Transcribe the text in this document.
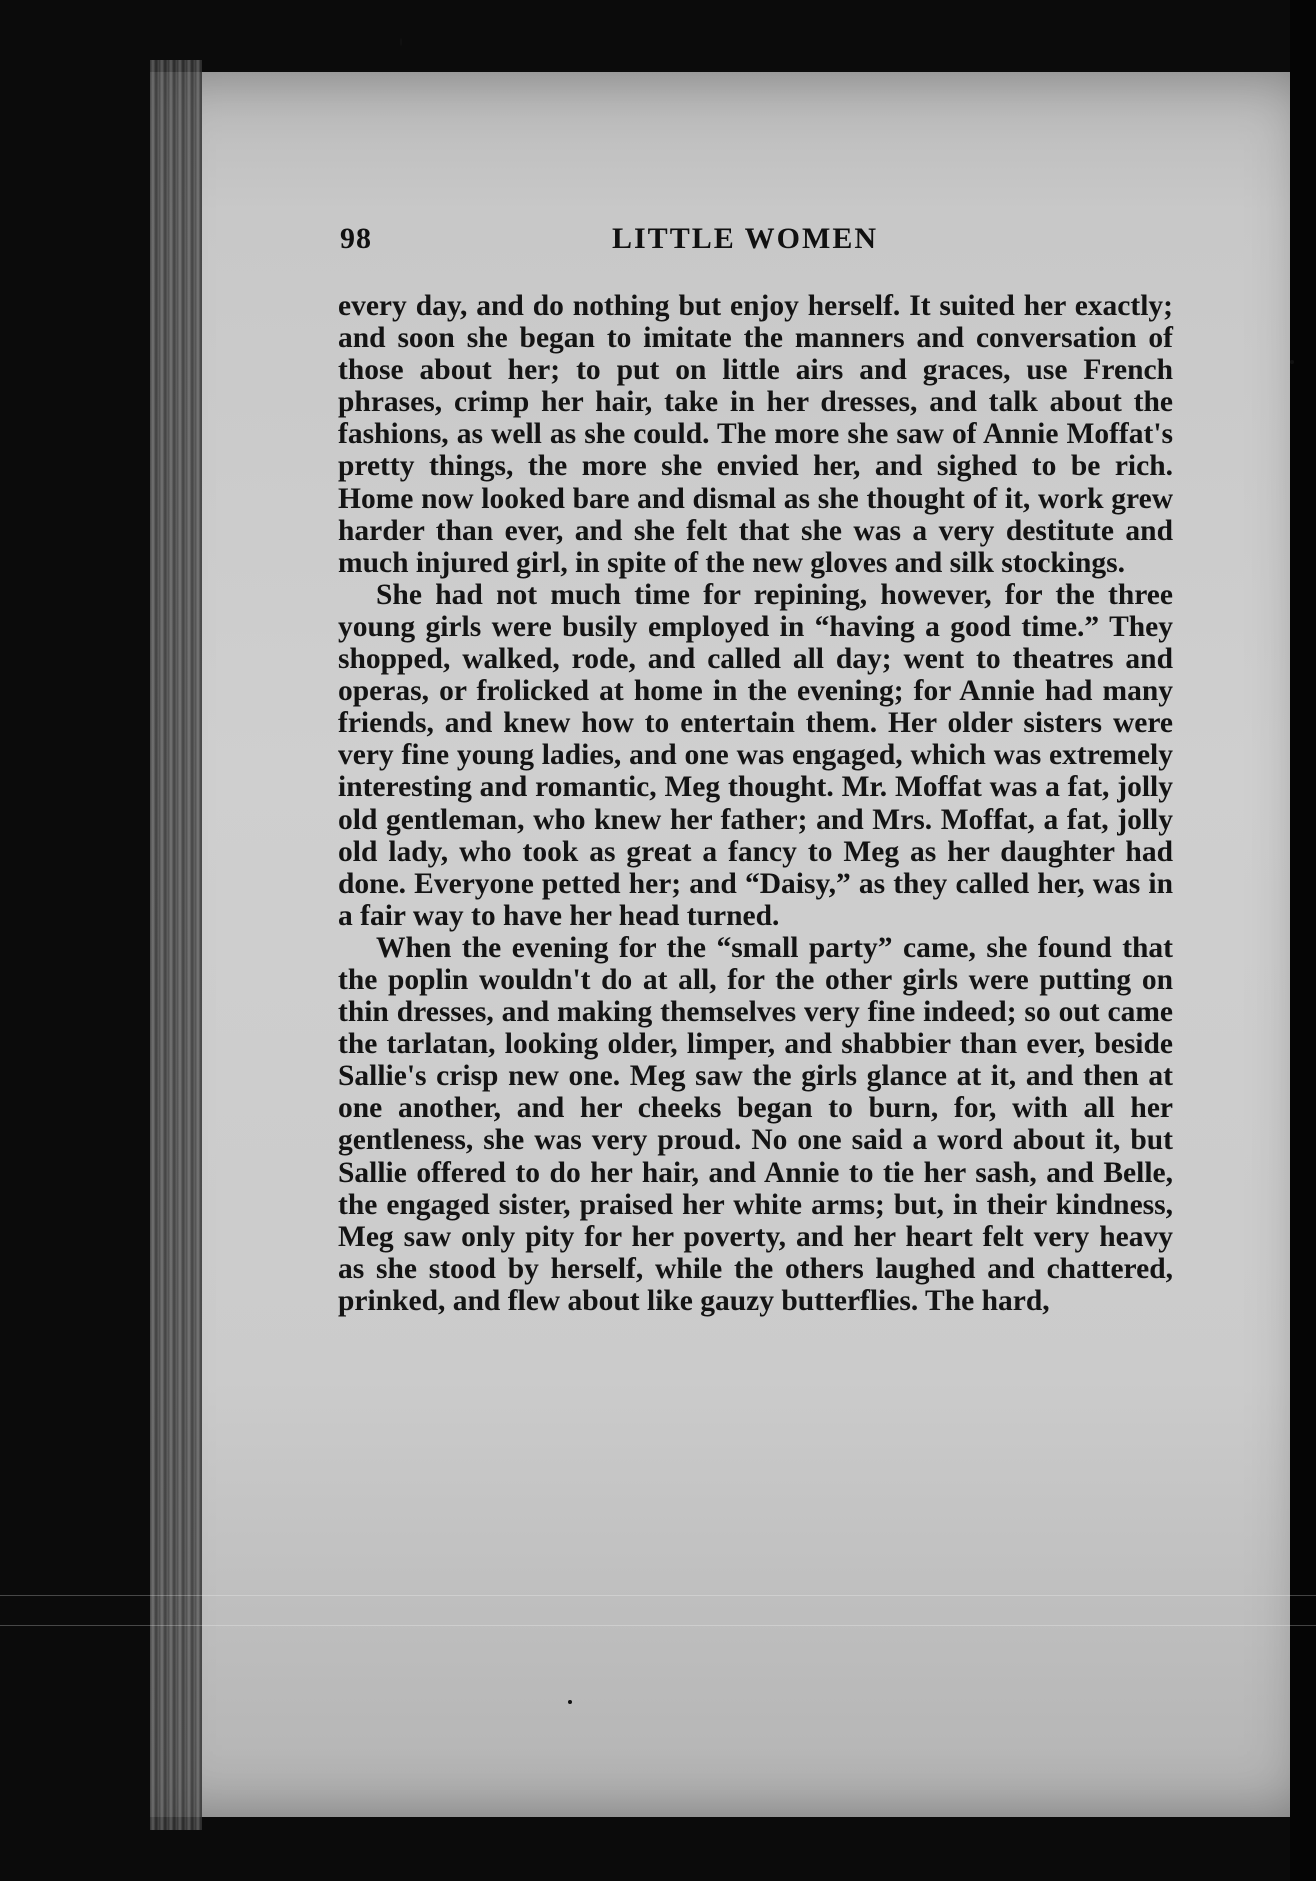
98	LITTLE WOMEN

every day, and do nothing but enjoy herself. It suited her exactly; and soon she began to imitate the manners and conversation of those about her; to put on little airs and graces, use French phrases, crimp her hair, take in her dresses, and talk about the fashions, as well as she could. The more she saw of Annie Moffat's pretty things, the more she envied her, and sighed to be rich. Home now looked bare and dismal as she thought of it, work grew harder than ever, and she felt that she was a very destitute and much injured girl, in spite of the new gloves and silk stockings.

She had not much time for repining, however, for the three young girls were busily employed in “having a good time.” They shopped, walked, rode, and called all day; went to theatres and operas, or frolicked at home in the evening; for Annie had many friends, and knew how to entertain them. Her older sisters were very fine young ladies, and one was engaged, which was extremely interesting and romantic, Meg thought. Mr. Moffat was a fat, jolly old gentleman, who knew her father; and Mrs. Moffat, a fat, jolly old lady, who took as great a fancy to Meg as her daughter had done. Everyone petted her; and “Daisy,” as they called her, was in a fair way to have her head turned.

When the evening for the “small party” came, she found that the poplin wouldn't do at all, for the other girls were putting on thin dresses, and making themselves very fine indeed; so out came the tarlatan, looking older, limper, and shabbier than ever, beside Sallie's crisp new one. Meg saw the girls glance at it, and then at one another, and her cheeks began to burn, for, with all her gentleness, she was very proud. No one said a word about it, but Sallie offered to do her hair, and Annie to tie her sash, and Belle, the engaged sister, praised her white arms; but, in their kindness, Meg saw only pity for her poverty, and her heart felt very heavy as she stood by herself, while the others laughed and chattered, prinked, and flew about like gauzy butterflies. The hard,
